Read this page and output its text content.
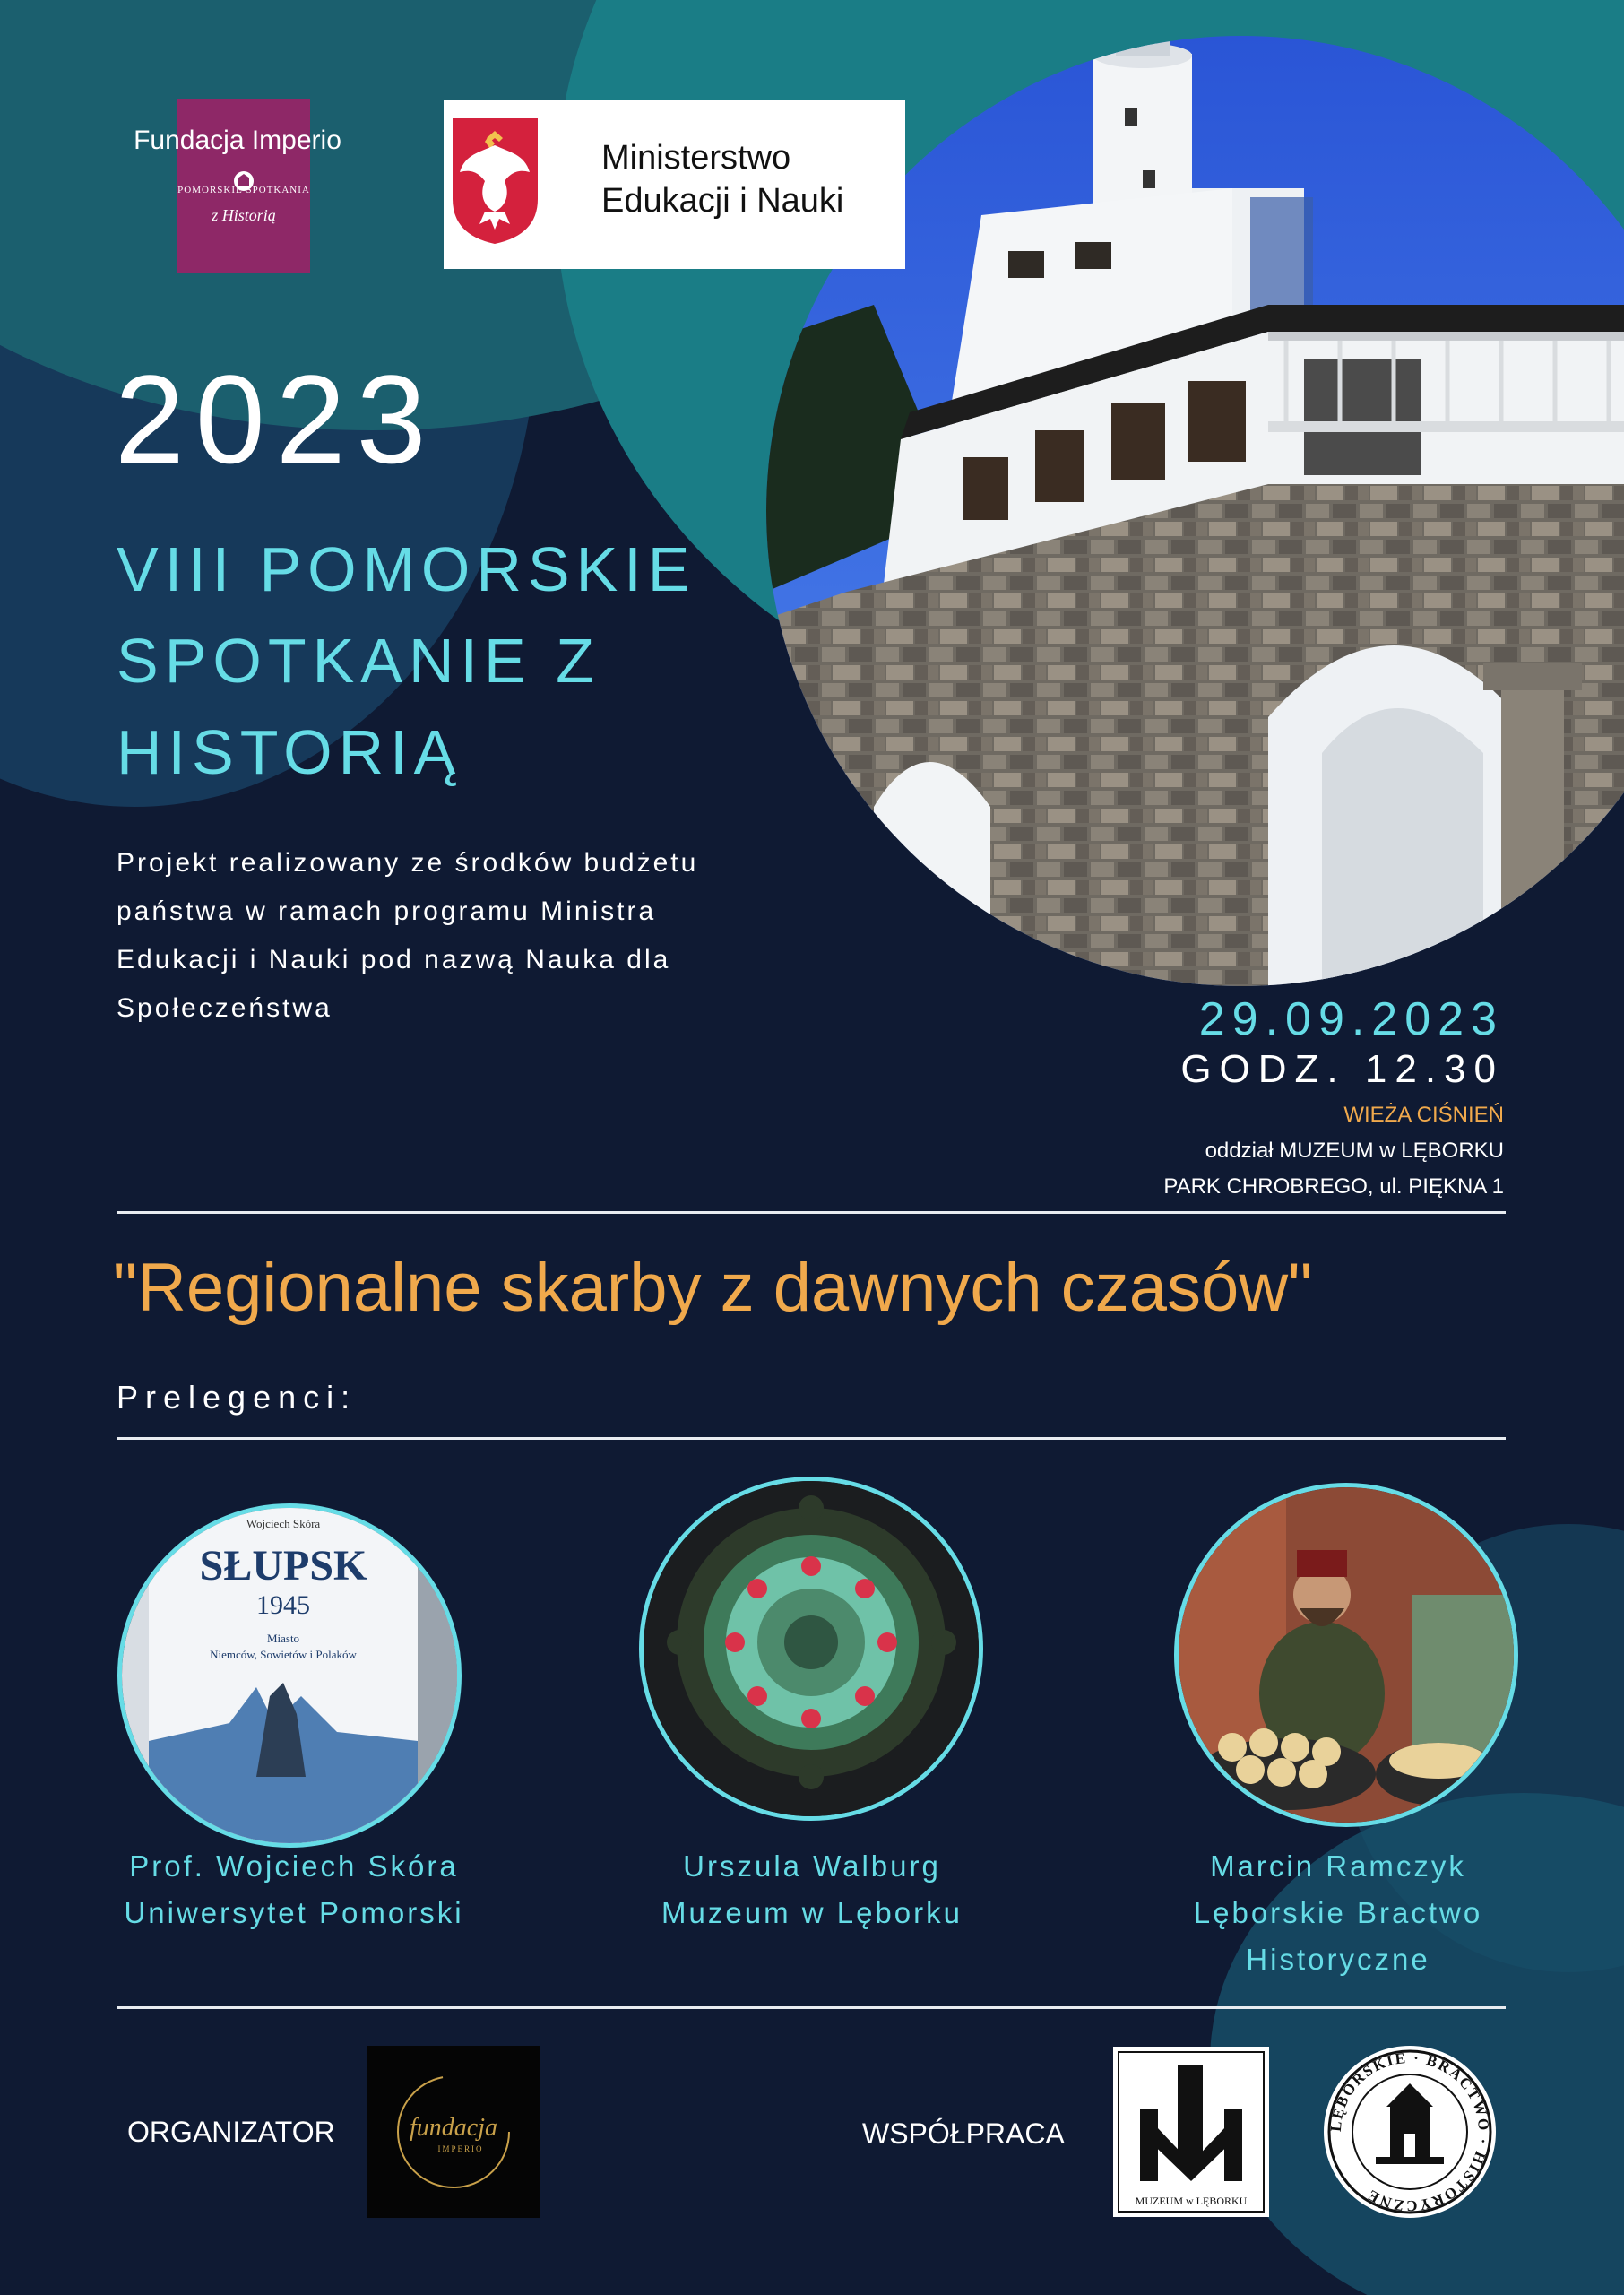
Fundacja Imperio
POMORSKIE SPOTKANIA
z Historią
Ministerstwo
Edukacji i Nauki
2023
VIII POMORSKIE
SPOTKANIE Z
HISTORIĄ
Projekt realizowany ze środków budżetu
państwa w ramach programu Ministra
Edukacji i Nauki pod nazwą Nauka dla
Społeczeństwa	29.09.2023
GODZ. 12.30
WIEŻA CIŚNIEŃ
oddział MUZEUM w LĘBORKU
PARK CHROBREGO, ul. PIĘKNA 1
"Regionalne skarby z dawnych czasów"
Prelegenci:
Wojciech Skóra
SŁUPSK
1945
Miasto
Niemców, Sowietów i Polaków
Prof. Wojciech Skóra
Uniwersytet Pomorski
Urszula Walburg
Muzeum w Lęborku
Marcin Ramczyk
Lęborskie Bractwo
Historyczne
ORGANIZATOR	fundacja
IMPERIO	WSPÓŁPRACA
MUZEUM w LĘBORKU
LĘBORSKIE · BRACTWO · HISTORYCZNE
